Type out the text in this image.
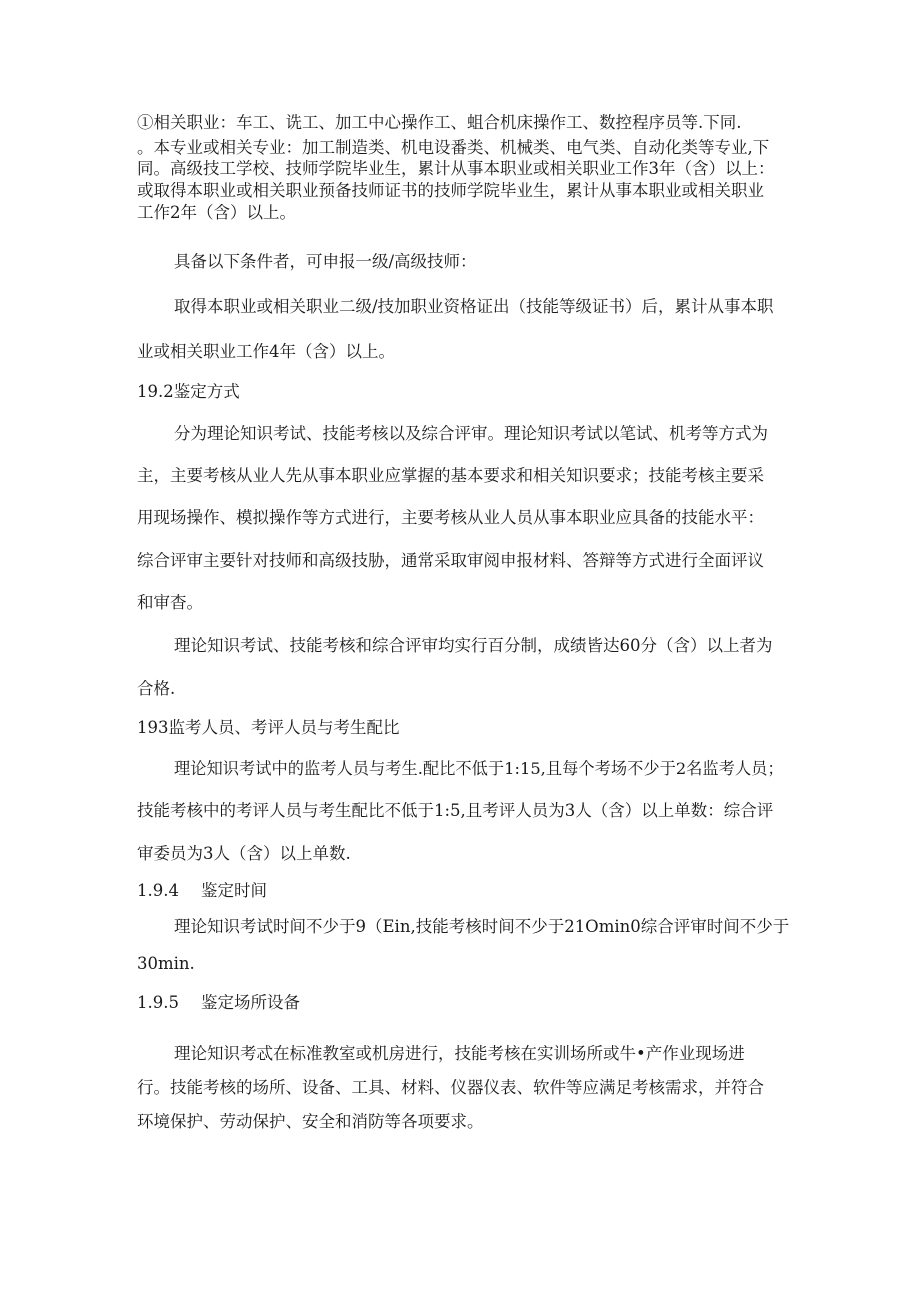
①相关职业：车工、诜工、加工中心操作工、蛆合机床操作工、数控程序员等.下同.
。本专业或相关专业：加工制造类、机电设番类、机械类、电气类、自动化类等专业,下
同。高级技工学校、技师学院毕业生，累计从事本职业或相关职业工作3年（含）以上：
或取得本职业或相关职业预备技师证书的技师学院毕业生，累计从事本职业或相关职业
工作2年（含）以上。
具备以下条件者，可申报一级/高级技师：
取得本职业或相关职业二级/技加职业资格证出（技能等级证书）后，累计从事本职
业或相关职业工作4年（含）以上。
19.2鉴定方式
分为理论知识考试、技能考核以及综合评审。理论知识考试以笔试、机考等方式为
主，主要考核从业人先从事本职业应掌握的基本要求和相关知识要求；技能考核主要采
用现场操作、模拟操作等方式进行，主要考核从业人员从事本职业应具备的技能水平：
综合评审主要针对技师和高级技胁，通常采取审阅申报材料、答辩等方式进行全面评议
和审杳。
理论知识考试、技能考核和综合评审均实行百分制，成绩皆达60分（含）以上者为
合格.
193监考人员、考评人员与考生配比
理论知识考试中的监考人员与考生.配比不低于1:15,且每个考场不少于2名监考人员；
技能考核中的考评人员与考生配比不低于1:5,且考评人员为3人（含）以上单数：综合评
审委员为3人（含）以上单数.
1.9.4 鉴定时间
理论知识考试时间不少于9（Ein,技能考核时间不少于21Omin0综合评审时间不少于
30min.
1.9.5 鉴定场所设备
理论知识考忒在标准教室或机房进行，技能考核在实训场所或牛•产作业现场进
行。技能考核的场所、设备、工具、材料、仪器仪表、软件等应满足考核需求，并符合
环境保护、劳动保护、安全和消防等各项要求。
